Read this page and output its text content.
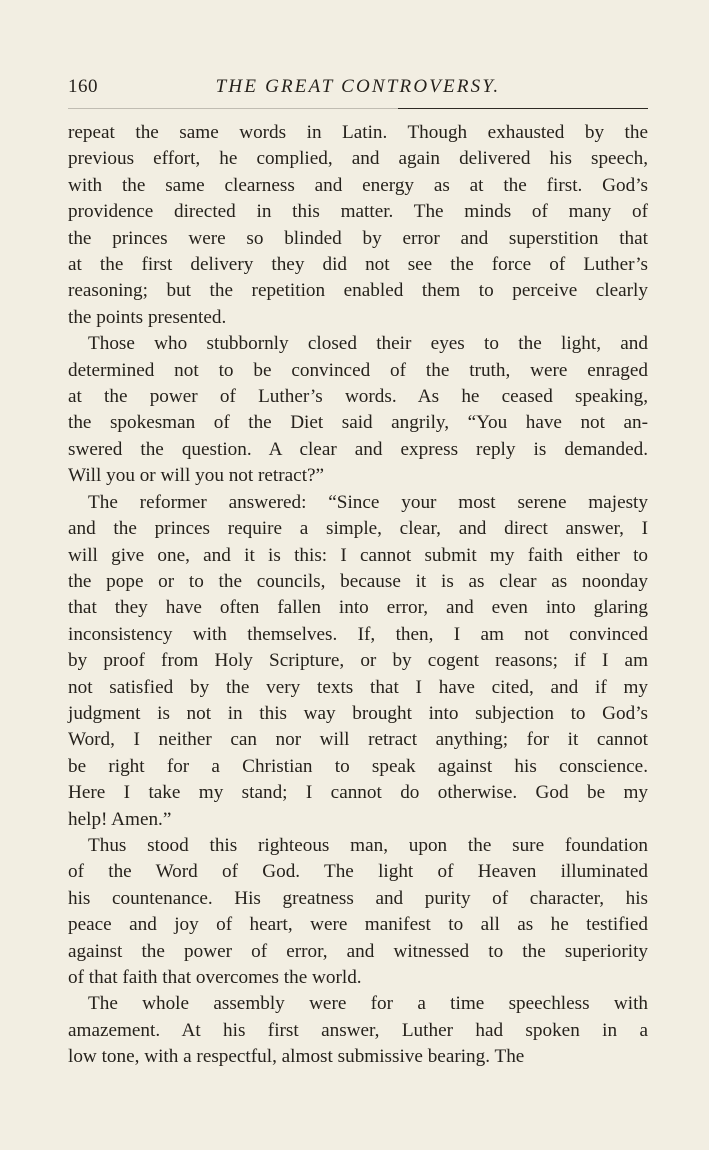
160	THE GREAT CONTROVERSY.

repeat the same words in Latin. Though exhausted by the
previous effort, he complied, and again delivered his speech,
with the same clearness and energy as at the first. God’s
providence directed in this matter. The minds of many of
the princes were so blinded by error and superstition that
at the first delivery they did not see the force of Luther’s
reasoning; but the repetition enabled them to perceive clearly
the points presented.

Those who stubbornly closed their eyes to the light, and
determined not to be convinced of the truth, were enraged
at the power of Luther’s words. As he ceased speaking,
the spokesman of the Diet said angrily, “You have not an-
swered the question. A clear and express reply is demanded.
Will you or will you not retract?”

The reformer answered: “Since your most serene majesty
and the princes require a simple, clear, and direct answer, I
will give one, and it is this: I cannot submit my faith either to
the pope or to the councils, because it is as clear as noonday
that they have often fallen into error, and even into glaring
inconsistency with themselves. If, then, I am not convinced
by proof from Holy Scripture, or by cogent reasons; if I am
not satisfied by the very texts that I have cited, and if my
judgment is not in this way brought into subjection to God’s
Word, I neither can nor will retract anything; for it cannot
be right for a Christian to speak against his conscience.
Here I take my stand; I cannot do otherwise. God be my
help! Amen.”

Thus stood this righteous man, upon the sure foundation
of the Word of God. The light of Heaven illuminated
his countenance. His greatness and purity of character, his
peace and joy of heart, were manifest to all as he testified
against the power of error, and witnessed to the superiority
of that faith that overcomes the world.

The whole assembly were for a time speechless with
amazement. At his first answer, Luther had spoken in a
low tone, with a respectful, almost submissive bearing. The
